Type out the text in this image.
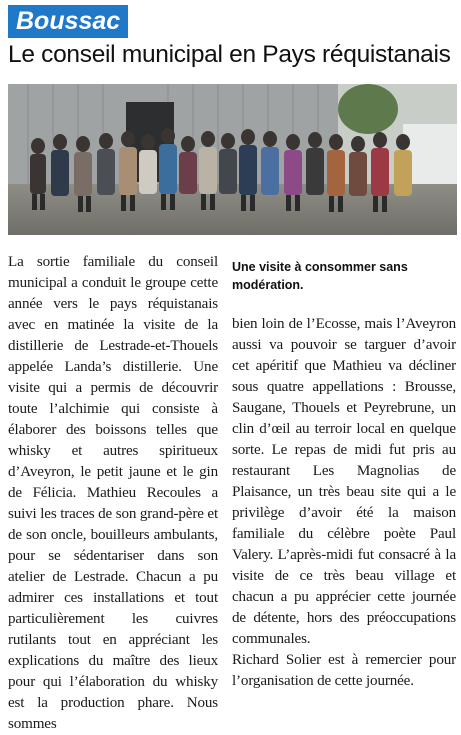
Boussac
Le conseil municipal en Pays réquistanais

La sortie familiale du conseil municipal a conduit le groupe cette année vers le pays réquistanais avec en matinée la visite de la distillerie de Lestrade-et-Thouels appelée Landa’s distillerie. Une visite qui a permis de découvrir toute l’alchimie qui consiste à élaborer des boissons telles que whisky et autres spiritueux d’Aveyron, le petit jaune et le gin de Félicia. Mathieu Recoules a suivi les traces de son grand-père et de son oncle, bouilleurs ambulants, pour se sédentariser dans son atelier de Lestrade. Chacun a pu admirer ces installations et tout particulièrement les cuivres rutilants tout en appréciant les explications du maître des lieux pour qui l’élaboration du whisky est la production phare. Nous sommes

Une visite à consommer sans modération.

bien loin de l’Ecosse, mais l’Aveyron aussi va pouvoir se targuer d’avoir cet apéritif que Mathieu va décliner sous quatre appellations : Brousse, Saugane, Thouels et Peyrebrune, un clin d’œil au terroir local en quelque sorte. Le repas de midi fut pris au restaurant Les Magnolias de Plaisance, un très beau site qui a le privilège d’avoir été la maison familiale du célèbre poète Paul Valery. L’après-midi fut consacré à la visite de ce très beau village et chacun a pu apprécier cette journée de détente, hors des préoccupations communales.

Richard Solier est à remercier pour l’organisation de cette journée.
